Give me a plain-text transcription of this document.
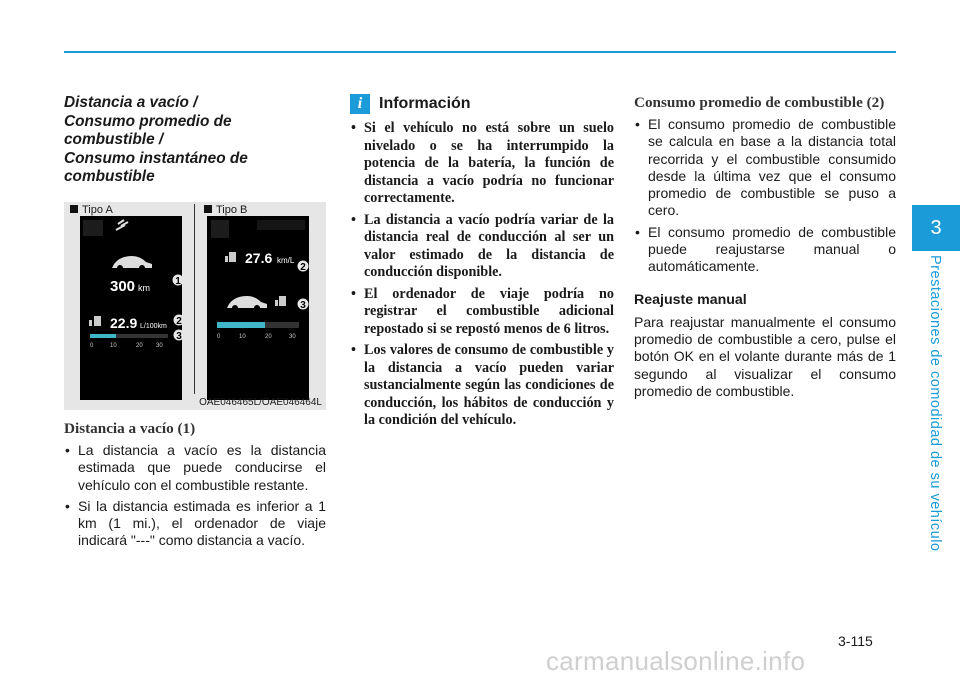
3
Prestaciones de comodidad de su vehículo
Distancia a vacío /
Consumo promedio de
combustible /
Consumo instantáneo de
combustible
Tipo A	Tipo B
300 km
1
22.9 L/100km 2
3
0	10	20 30
27.6 km/L
2
3
0	10	20	30
OAE046465L/OAE046464L
Distancia a vacío (1)
• La distancia a vacío es la distancia estimada que puede conducirse el vehículo con el combustible restante.
• Si la distancia estimada es inferior a 1 km (1 mi.), el ordenador de viaje indicará "---" como distancia a vacío.
i	Información
• Si el vehículo no está sobre un suelo nivelado o se ha interrumpido la potencia de la batería, la función de distancia a vacío podría no funcionar correctamente.
• La distancia a vacío podría variar de la distancia real de conducción al ser un valor estimado de la distancia de conducción disponible.
• El ordenador de viaje podría no registrar el combustible adicional repostado si se repostó menos de 6 litros.
• Los valores de consumo de combustible y la distancia a vacío pueden variar sustancialmente según las condiciones de conducción, los hábitos de conducción y la condición del vehículo.
Consumo promedio de combustible (2)
• El consumo promedio de combustible se calcula en base a la distancia total recorrida y el combustible consumido desde la última vez que el consumo promedio de combustible se puso a cero.
• El consumo promedio de combustible puede reajustarse manual o automáticamente.
Reajuste manual

Para reajustar manualmente el consumo promedio de combustible a cero, pulse el botón OK en el volante durante más de 1 segundo al visualizar el consumo promedio de combustible.

3-115
carmanualsonline.info
